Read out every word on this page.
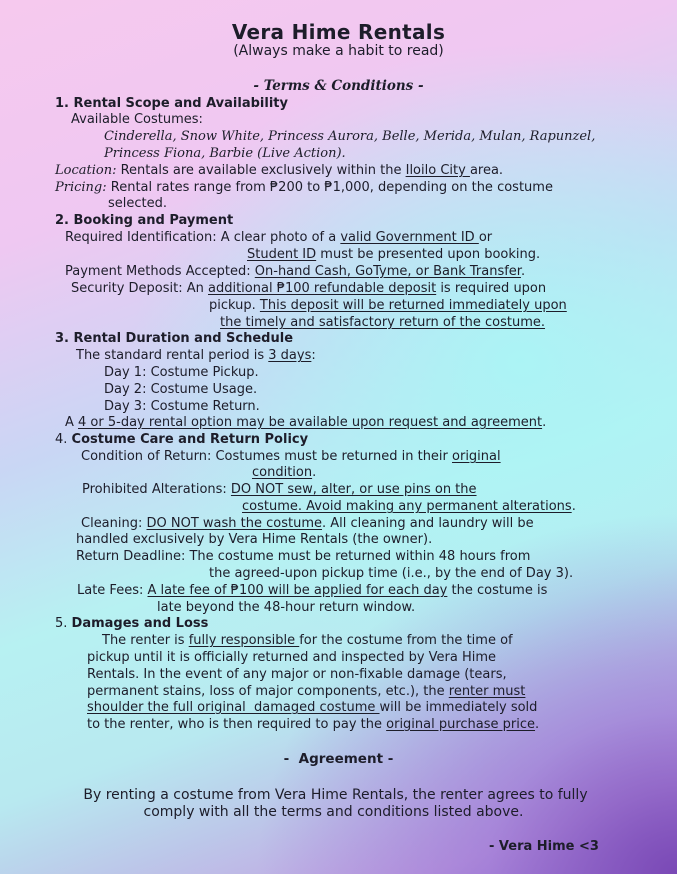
Vera Hime Rentals
(Always make a habit to read)
- Terms & Conditions -
1. Rental Scope and Availability
Available Costumes:
Cinderella, Snow White, Princess Aurora, Belle, Merida, Mulan, Rapunzel,
Princess Fiona, Barbie (Live Action).
Location: Rentals are available exclusively within the Iloilo City area.
Pricing: Rental rates range from ₱200 to ₱1,000, depending on the costume
selected.
2. Booking and Payment
Required Identification: A clear photo of a valid Government ID or
Student ID must be presented upon booking.
Payment Methods Accepted: On-hand Cash, GoTyme, or Bank Transfer.
Security Deposit: An additional ₱100 refundable deposit is required upon
pickup. This deposit will be returned immediately upon
the timely and satisfactory return of the costume.
3. Rental Duration and Schedule
The standard rental period is 3 days:
Day 1: Costume Pickup.
Day 2: Costume Usage.
Day 3: Costume Return.
A 4 or 5-day rental option may be available upon request and agreement.
4. Costume Care and Return Policy
Condition of Return: Costumes must be returned in their original
condition.
Prohibited Alterations: DO NOT sew, alter, or use pins on the
costume. Avoid making any permanent alterations.
Cleaning: DO NOT wash the costume. All cleaning and laundry will be
handled exclusively by Vera Hime Rentals (the owner).
Return Deadline: The costume must be returned within 48 hours from
the agreed-upon pickup time (i.e., by the end of Day 3).
Late Fees: A late fee of ₱100 will be applied for each day the costume is
late beyond the 48-hour return window.
5. Damages and Loss
The renter is fully responsible for the costume from the time of
pickup until it is officially returned and inspected by Vera Hime
Rentals. In the event of any major or non-fixable damage (tears,
permanent stains, loss of major components, etc.), the renter must
shoulder the full original  damaged costume will be immediately sold
to the renter, who is then required to pay the original purchase price.
-  Agreement -
By renting a costume from Vera Hime Rentals, the renter agrees to fully
comply with all the terms and conditions listed above.
- Vera Hime <3
